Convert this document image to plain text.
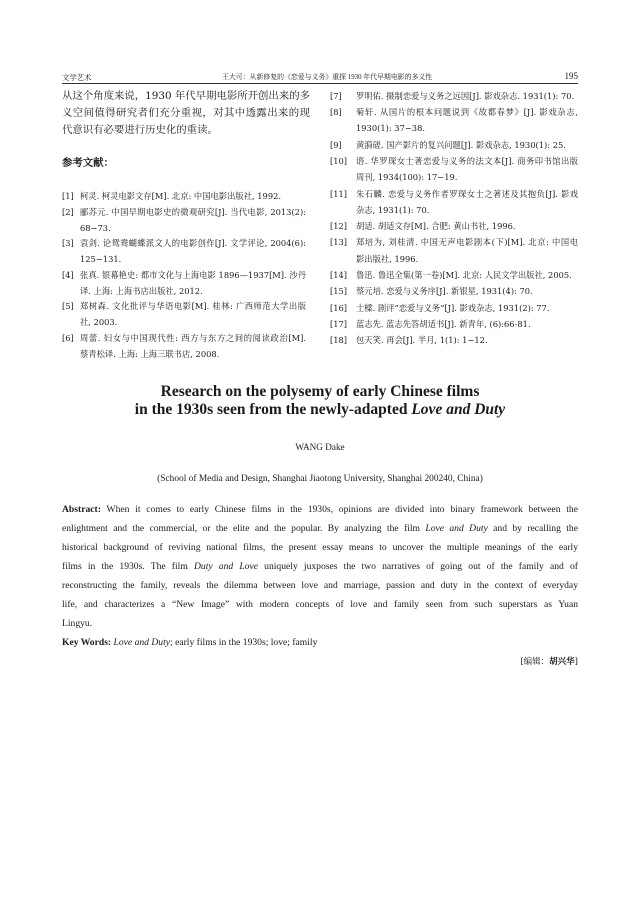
文学艺术	王大可：从新修复的《恋爱与义务》重探 1930 年代早期电影的多义性	195
从这个角度来说，1930 年代早期电影所开创出来的多
义空间值得研究者们充分重视，对其中透露出来的现
代意识有必要进行历史化的重读。
参考文献：
[1] 柯灵. 柯灵电影文存[M]. 北京: 中国电影出版社, 1992.
[2] 郦苏元. 中国早期电影史的微观研究[J]. 当代电影, 2013(2):
68−73.
[3] 袁剑. 论鸳鸯蝴蝶派文人的电影创作[J]. 文学评论, 2004(6):
125−131.
[4] 张真. 银幕艳史: 都市文化与上海电影 1896—1937[M]. 沙丹
译. 上海: 上海书店出版社, 2012.
[5] 郑树森. 文化批评与华语电影[M]. 桂林: 广西师范大学出版
社, 2003.
[6] 周蕾. 妇女与中国现代性: 西方与东方之间的阅读政治[M].
蔡青松译. 上海: 上海三联书店, 2008.
[7]	罗明佑. 摄制恋爱与义务之远因[J]. 影戏杂志. 1931(1): 70.
[8]	菊轩. 从国片的根本问题说到《故都春梦》[J]. 影戏杂志,
1930(1): 37−38.
[9]	黄漪磋. 国产影片的复兴问题[J]. 影戏杂志, 1930(1): 25.
[10]	谘. 华罗琛女士著恋爱与义务的法文本[J]. 商务印书馆出版
周刊, 1934(100): 17−19.
[11]	朱石麟. 恋爱与义务作者罗琛女士之著述及其抱负[J]. 影戏
杂志, 1931(1): 70.
[12]	胡适. 胡适文存[M]. 合肥: 黄山书社, 1996.
[13]	郑培为, 刘桂清. 中国无声电影剧本(下)[M]. 北京: 中国电
影出版社, 1996.
[14]	鲁迅. 鲁迅全集(第一卷)[M]. 北京: 人民文学出版社, 2005.
[15]	蔡元培. 恋爱与义务序[J]. 新银星, 1931(4): 70.
[16]	士樑. 剧评“恋爱与义务”[J]. 影戏杂志, 1931(2): 77.
[17]	蓝志先. 蓝志先答胡适书[J]. 新青年, (6):66-81.
[18]	包天笑. 再会[J]. 半月, 1(1): 1−12.
Research on the polysemy of early Chinese films
in the 1930s seen from the newly-adapted Love and Duty
WANG Dake
(School of Media and Design, Shanghai Jiaotong University, Shanghai 200240, China)
Abstract: When it comes to early Chinese films in the 1930s, opinions are divided into binary framework between the
enlightment and the commercial, or the elite and the popular. By analyzing the film Love and Duty and by recalling the
historical background of reviving national films, the present essay means to uncover the multiple meanings of the early
films in the 1930s. The film Duty and Love uniquely juxposes the two narratives of going out of the family and of
reconstructing the family, reveals the dilemma between love and marriage, passion and duty in the context of everyday
life, and characterizes a “New Image” with modern concepts of love and family seen from such superstars as Yuan
Lingyu.
Key Words: Love and Duty; early films in the 1930s; love; family
[编辑：胡兴华]
